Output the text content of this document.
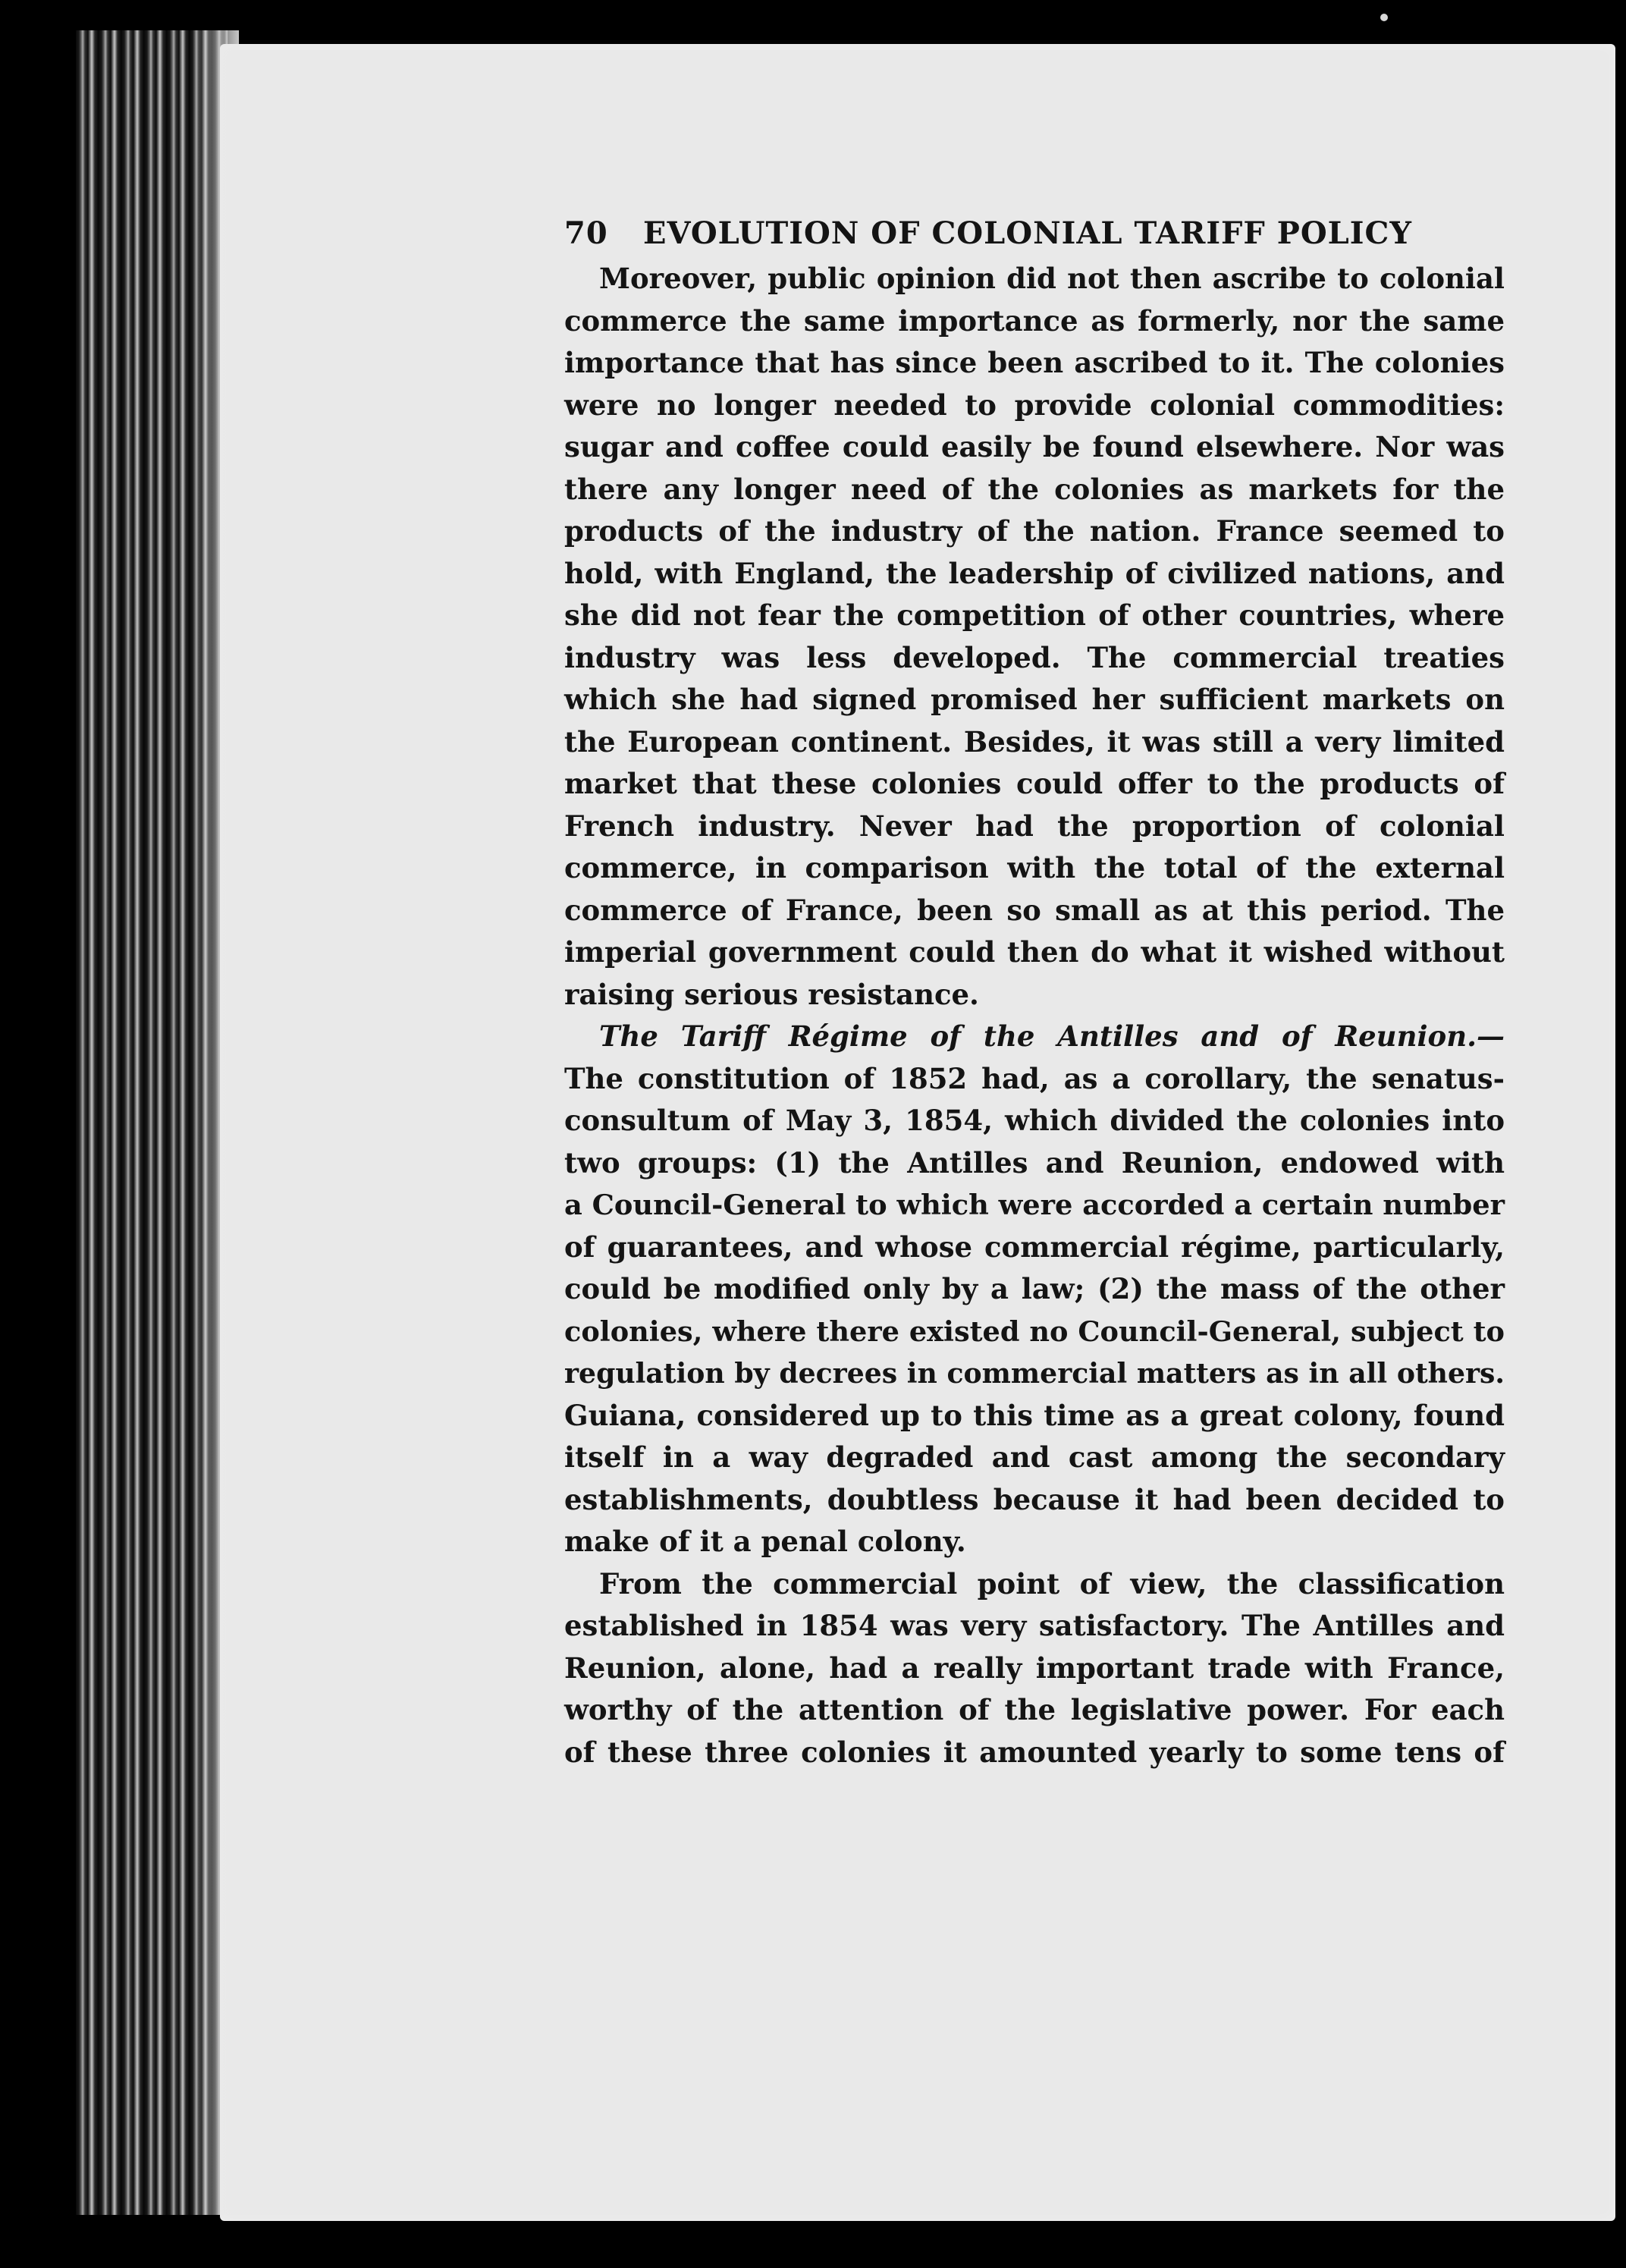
70 EVOLUTION OF COLONIAL TARIFF POLICY
Moreover, public opinion did not then ascribe to colonial
commerce the same importance as formerly, nor the same
importance that has since been ascribed to it. The colonies
were no longer needed to provide colonial commodities:
sugar and coffee could easily be found elsewhere. Nor was
there any longer need of the colonies as markets for the
products of the industry of the nation. France seemed to
hold, with England, the leadership of civilized nations, and
she did not fear the competition of other countries, where
industry was less developed. The commercial treaties
which she had signed promised her sufficient markets on
the European continent. Besides, it was still a very limited
market that these colonies could offer to the products of
French industry. Never had the proportion of colonial
commerce, in comparison with the total of the external
commerce of France, been so small as at this period. The
imperial government could then do what it wished without
raising serious resistance.
The Tariff Régime of the Antilles and of Reunion.—
The constitution of 1852 had, as a corollary, the senatus-
consultum of May 3, 1854, which divided the colonies into
two groups: (1) the Antilles and Reunion, endowed with
a Council-General to which were accorded a certain number
of guarantees, and whose commercial régime, particularly,
could be modified only by a law; (2) the mass of the other
colonies, where there existed no Council-General, subject to
regulation by decrees in commercial matters as in all others.
Guiana, considered up to this time as a great colony, found
itself in a way degraded and cast among the secondary
establishments, doubtless because it had been decided to
make of it a penal colony.
From the commercial point of view, the classification
established in 1854 was very satisfactory. The Antilles and
Reunion, alone, had a really important trade with France,
worthy of the attention of the legislative power. For each
of these three colonies it amounted yearly to some tens of
